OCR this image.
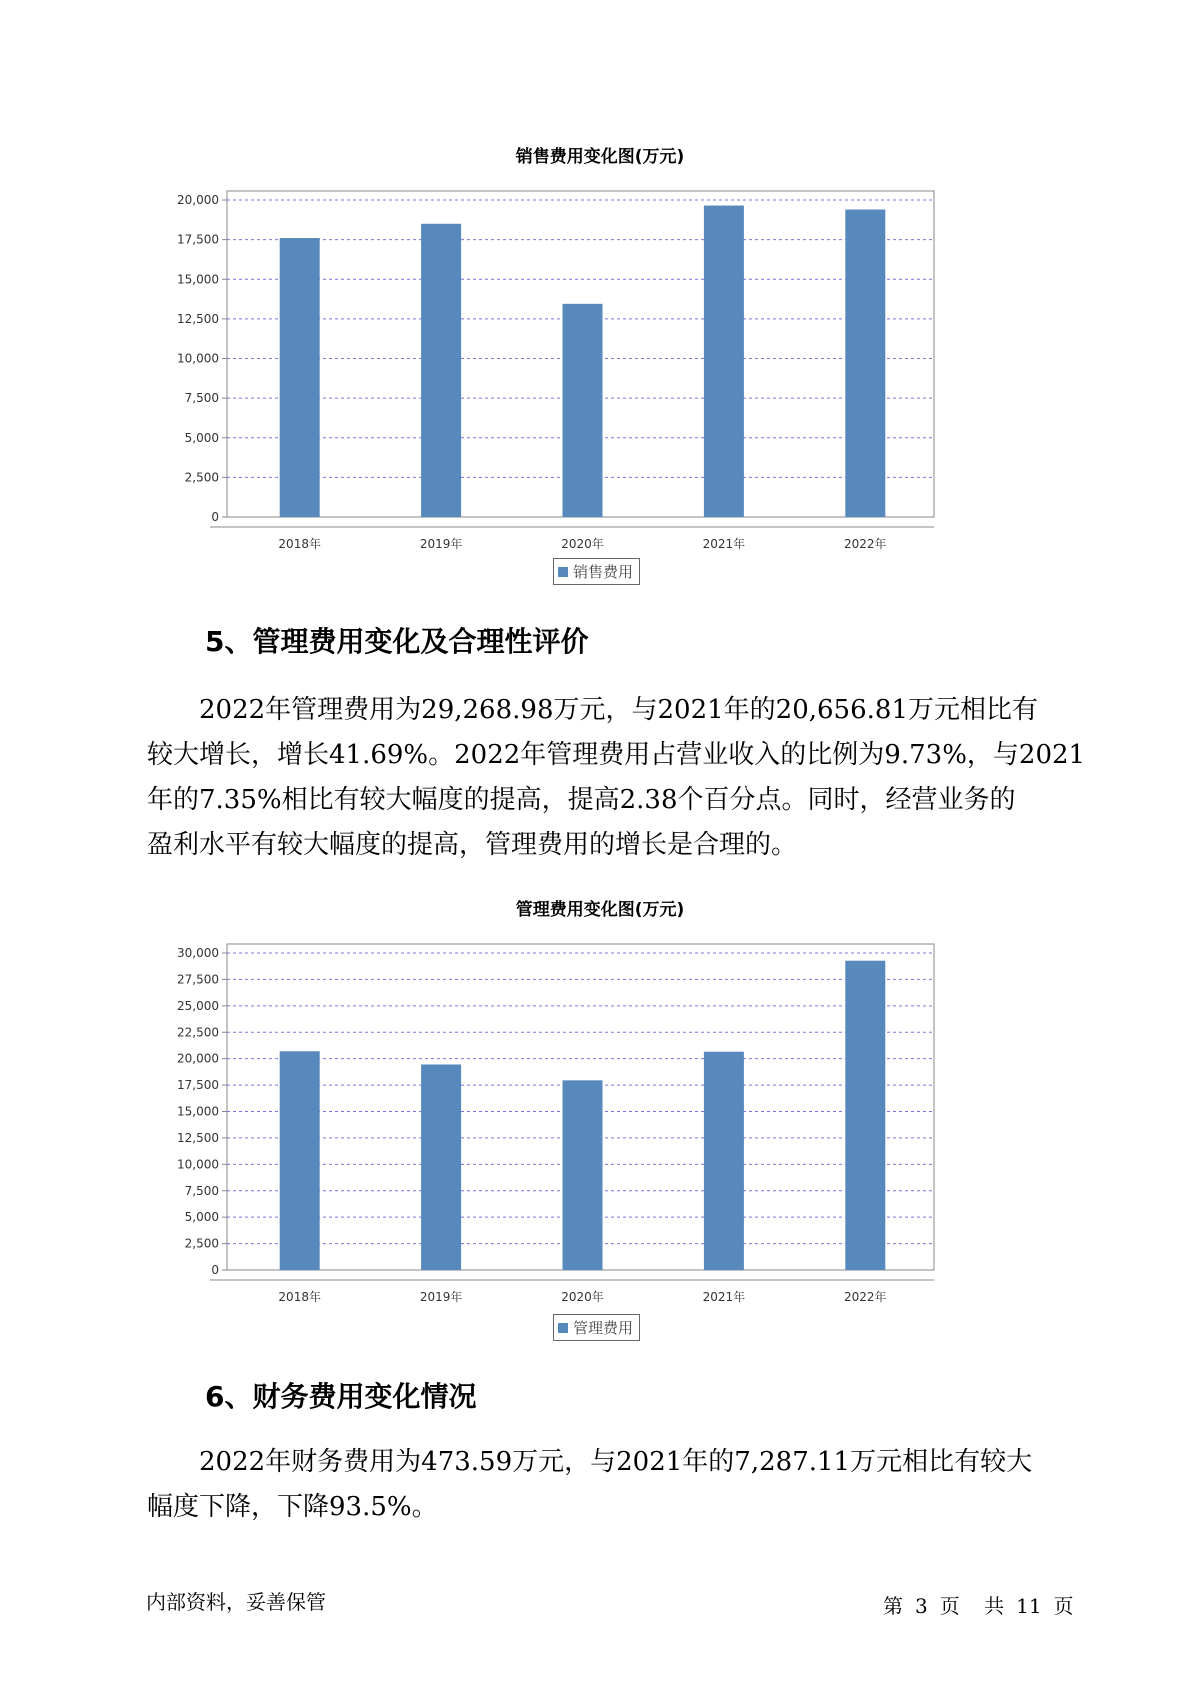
销售费用变化图(万元)
0
2,500
5,000
7,500
10,000
12,500
15,000
17,500
20,000
2018年	2019年	2020年	2021年	2022年
销售费用
5、管理费用变化及合理性评价
2022年管理费用为29,268.98万元，与2021年的20,656.81万元相比有
较大增长，增长41.69%。2022年管理费用占营业收入的比例为9.73%，与2021
年的7.35%相比有较大幅度的提高，提高2.38个百分点。同时，经营业务的
盈利水平有较大幅度的提高，管理费用的增长是合理的。
管理费用变化图(万元)
0
2,500
5,000
7,500
10,000
12,500
15,000
17,500
20,000
22,500
25,000
27,500
30,000
2018年	2019年	2020年	2021年	2022年
管理费用
6、财务费用变化情况
2022年财务费用为473.59万元，与2021年的7,287.11万元相比有较大
幅度下降，下降93.5%。
内部资料，妥善保管	第 3 页 共 11 页
